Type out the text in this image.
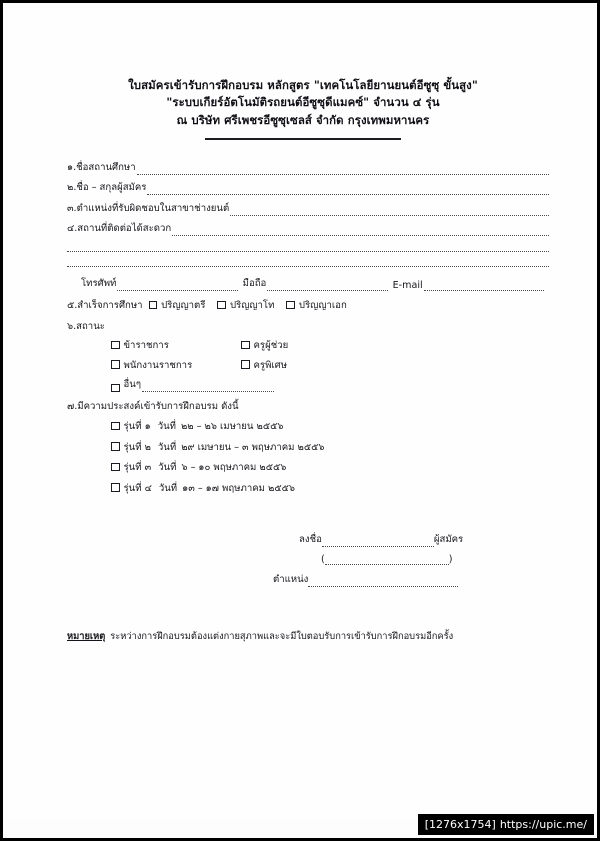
ใบสมัครเข้ารับการฝึกอบรม หลักสูตร "เทคโนโลยียานยนต์อีซูซุ ขั้นสูง"
"ระบบเกียร์อัตโนมัติรถยนต์อีซูซุดีแมคซ์" จำนวน ๔ รุ่น
ณ บริษัท ศรีเพชรอีซูซุเซลส์ จำกัด กรุงเทพมหานคร
๑.ชื่อสถานศึกษา
๒.ชื่อ – สกุลผู้สมัคร
๓.ตำแหน่งที่รับผิดชอบในสาขาช่างยนต์
๔.สถานที่ติดต่อได้สะดวก
โทรศัพท์	มือถือ	E-mail
๕.สำเร็จการศึกษา	ปริญญาตรี	ปริญญาโท	ปริญญาเอก
๖.สถานะ
ข้าราชการ	ครูผู้ช่วย
พนักงานราชการ	ครูพิเศษ
อื่นๆ
๗.มีความประสงค์เข้ารับการฝึกอบรม ดังนี้
รุ่นที่ ๑ วันที่ ๒๒ – ๒๖ เมษายน ๒๕๕๖
รุ่นที่ ๒ วันที่ ๒๙ เมษายน – ๓ พฤษภาคม ๒๕๕๖
รุ่นที่ ๓ วันที่ ๖ – ๑๐ พฤษภาคม ๒๕๕๖
รุ่นที่ ๔ วันที่ ๑๓ – ๑๗ พฤษภาคม ๒๕๕๖
ลงชื่อ	ผู้สมัคร
(	)
ตำแหน่ง
หมายเหตุ ระหว่างการฝึกอบรมต้องแต่งกายสุภาพและจะมีใบตอบรับการเข้ารับการฝึกอบรมอีกครั้ง
[1276x1754] https://upic.me/
